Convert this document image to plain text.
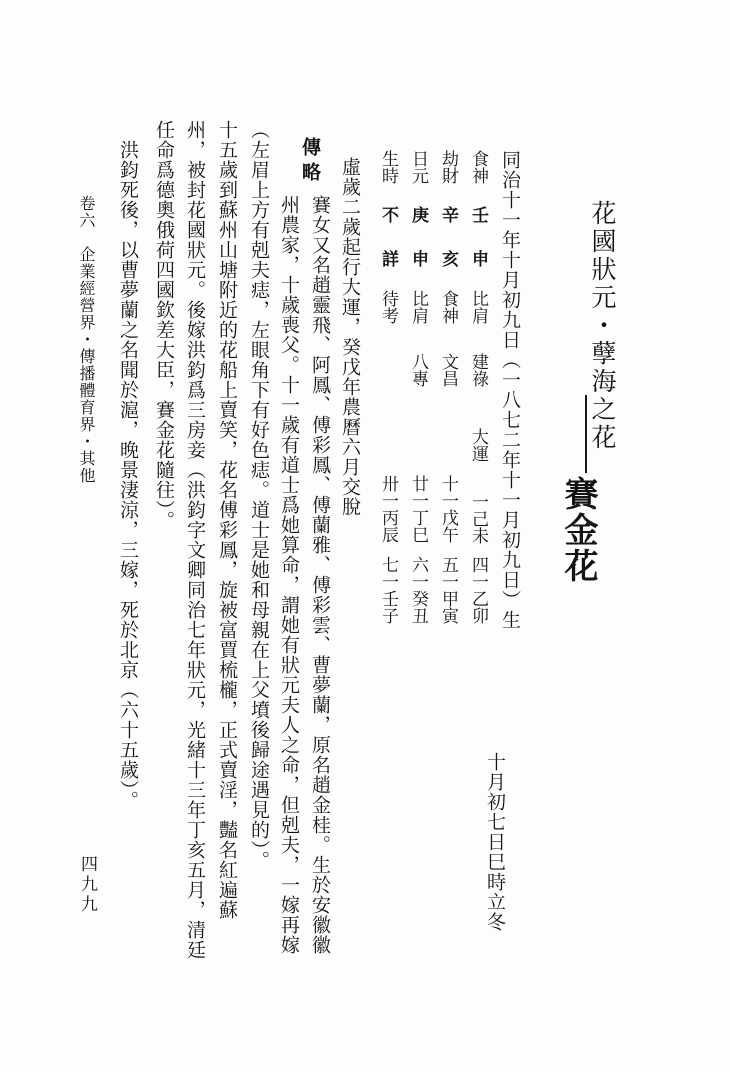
花國狀元・孽海之花
賽金花
同治十一年十月初九日（一八七二年十一月初九日）生
十月初七日巳時立冬
食神
壬
申
比肩
建祿
大運
一己未
四一乙卯
劫財
辛
亥
食神
文昌
十一戊午
五一甲寅
日元
庚
申
比肩
八專
廿一丁巳
六一癸丑
生時
不
詳
待考
卅一丙辰
七一壬子
虛歲二歲起行大運，癸戊年農曆六月交脫
傳略
賽女又名趙靈飛、阿鳳、傅彩鳳、傅蘭雅、傅彩雲、曹夢蘭，原名趙金桂。生於安徽徽
州農家，十歲喪父。十一歲有道士爲她算命，謂她有狀元夫人之命，但剋夫，一嫁再嫁
（左眉上方有剋夫痣，左眼角下有好色痣。道士是她和母親在上父墳後歸途遇見的）。
十五歲到蘇州山塘附近的花船上賣笑，花名傅彩鳳，旋被富賈梳櫳，正式賣淫，豔名紅遍蘇
州，被封花國狀元。後嫁洪鈞爲三房妾（洪鈞字文卿同治七年狀元，光緒十三年丁亥五月，清廷
任命爲德奧俄荷四國欽差大臣，賽金花隨往）。
洪鈞死後，以曹夢蘭之名聞於滬，晚景淒涼，三嫁，死於北京（六十五歲）。
卷六　企業經營界・傳播體育界・其他
四九九
